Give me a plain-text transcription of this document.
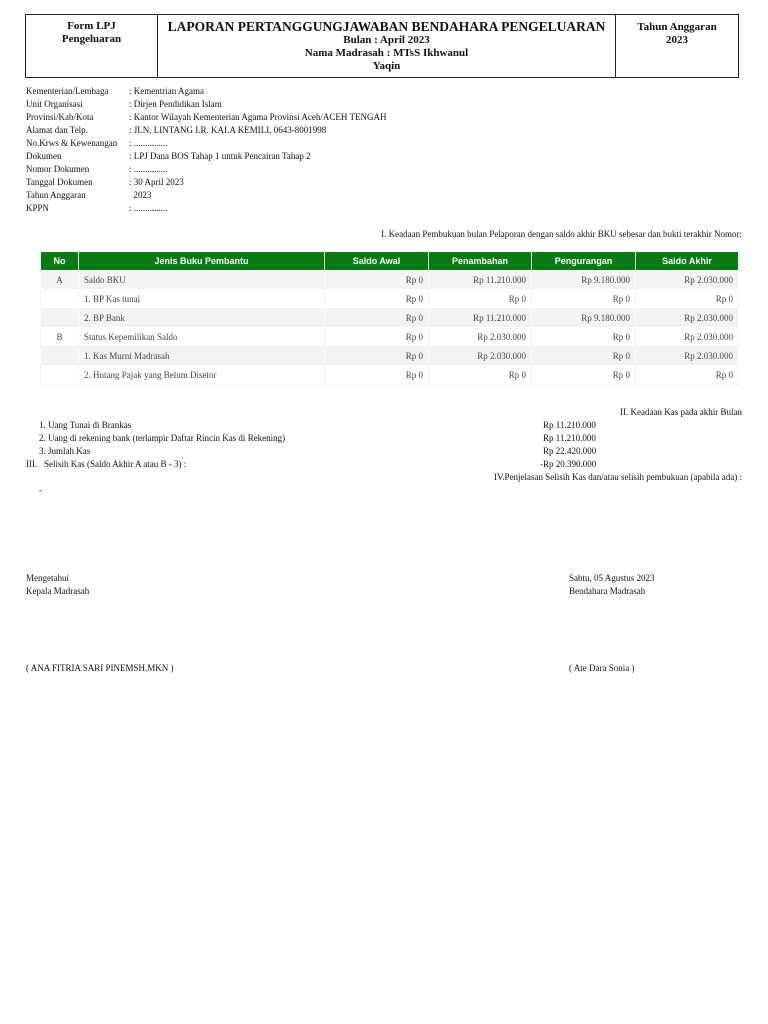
Form LPJ
Pengeluaran
LAPORAN PERTANGGUNGJAWABAN BENDAHARA PENGELUARAN
Bulan : April 2023
Nama Madrasah : MTsS Ikhwanul
Yaqin
Tahun Anggaran
2023
Kementerian/Lembaga	: Kementrian Agama
Unit Organisasi	: Dirjen Pendidikan Islam
Provinsi/Kab/Kota	: Kantor Wilayah Kementerian Agama Provinsi Aceh/ACEH TENGAH
Alamat dan Telp.	: JLN. LINTANG I.R. KALA KEMILI, 0643-8001998
No.Krws & Kewenangan	: ...............
Dokumen	: LPJ Dana BOS Tahap 1 untuk Pencairan Tahap 2
Nomor Dokumen	: ...............
Tanggal Dokumen	: 30 April 2023
Tahun Anggaran	2023
KPPN	: ...............
I. Keadaan Pembukuan bulan Pelaporan dengan saldo akhir BKU sebesar dan bukti terakhir Nomor:
No	Jenis Buku Pembantu	Saldo Awal	Penambahan	Pengurangan	Saldo Akhir
A	Saldo BKU	Rp 0	Rp 11.210.000	Rp 9.180.000	Rp 2.030.000
	1. BP Kas tunai	Rp 0	Rp 0	Rp 0	Rp 0
	2. BP Bank	Rp 0	Rp 11.210.000	Rp 9.180.000	Rp 2.030.000
B	Status Kepemilikan Saldo	Rp 0	Rp 2.030.000	Rp 0	Rp 2.030.000
	1. Kas Murni Madrasah	Rp 0	Rp 2.030.000	Rp 0	Rp 2.030.000
	2. Hutang Pajak yang Belum Disetor	Rp 0	Rp 0	Rp 0	Rp 0
II. Keadaan Kas pada akhir Bulan
1. Uang Tunai di Brankas	Rp 11.210.000
2. Uang di rekening bank (terlampir Daftar Rincin Kas di Rekening)	Rp 11.210.000
3. Jumlah Kas	Rp 22.420.000
III.   Selisih Kas (Saldo Akhir A atau B - 3) :	-Rp 20.390.000
IV.Penjelasan Selisih Kas dan/atau selisih pembukuan (apabila ada) :
-
Mengetahui
Kepala Madrasah
Sabtu, 05 Agustus 2023
Bendahara Madrasah
( ANA FITRIA SARI PINEMSH.MKN )	( Ate Dara Sonia )
